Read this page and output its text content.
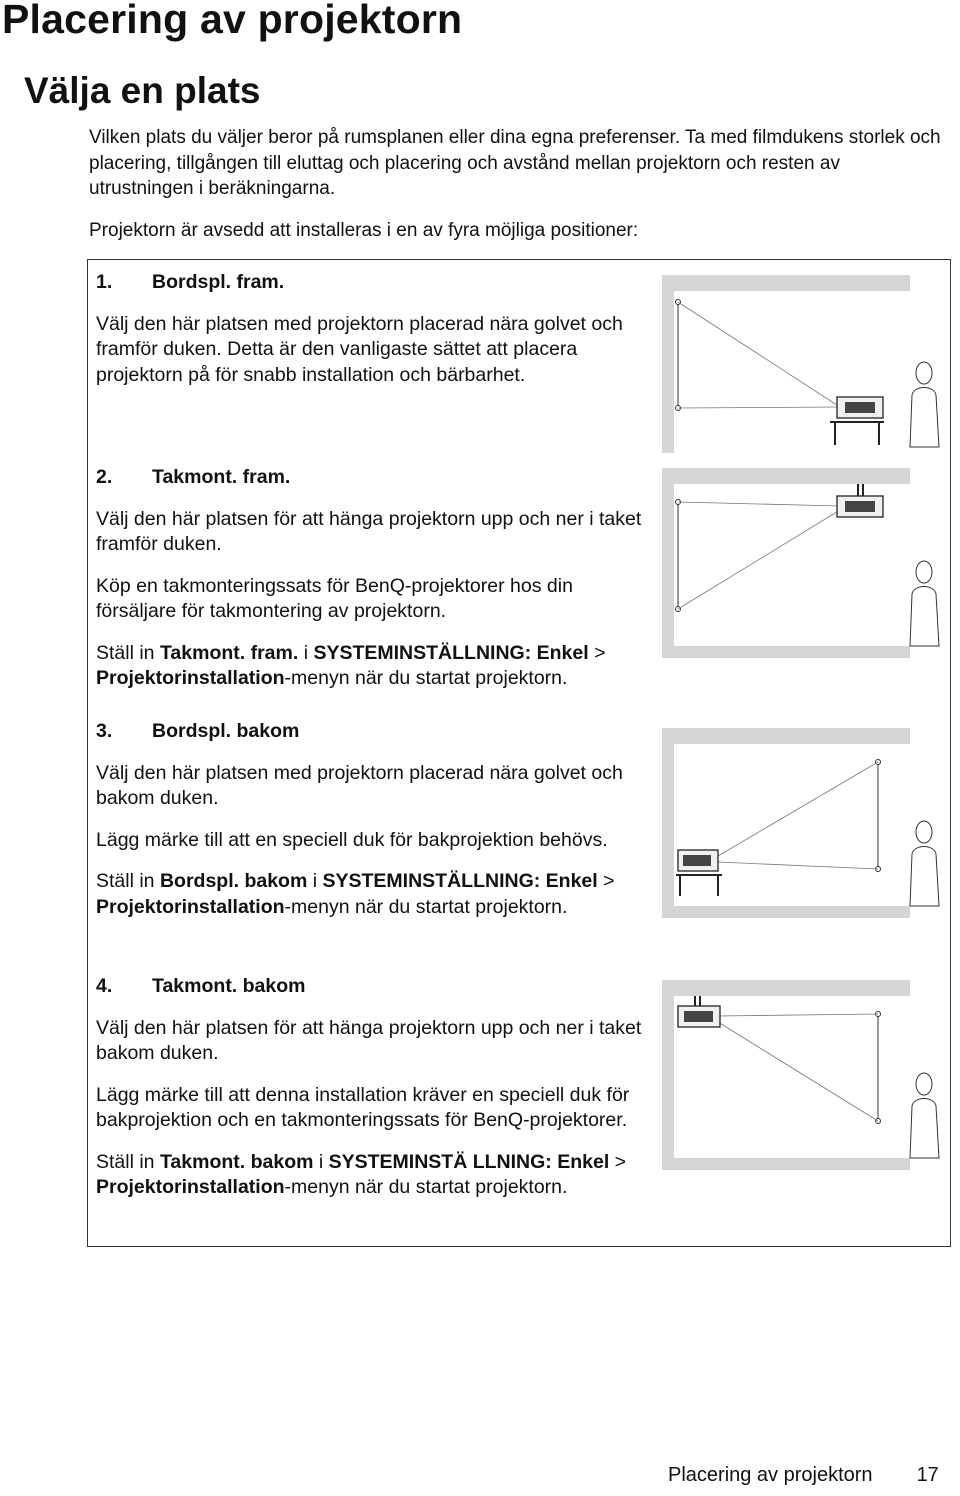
Placering av projektorn
Välja en plats

Vilken plats du väljer beror på rumsplanen eller dina egna preferenser. Ta med filmdukens storlek och placering, tillgången till eluttag och placering och avstånd mellan projektorn och resten av utrustningen i beräkningarna.

Projektorn är avsedd att installeras i en av fyra möjliga positioner:

1. Bordspl. fram.

Välj den här platsen med projektorn placerad nära golvet och framför duken. Detta är den vanligaste sättet att placera projektorn på för snabb installation och bärbarhet.

2. Takmont. fram.

Välj den här platsen för att hänga projektorn upp och ner i taket framför duken.

Köp en takmonteringssats för BenQ-projektorer hos din försäljare för takmontering av projektorn.

Ställ in Takmont. fram. i SYSTEMINSTÄLLNING: Enkel > Projektorinstallation-menyn när du startat projektorn.

3. Bordspl. bakom

Välj den här platsen med projektorn placerad nära golvet och bakom duken.

Lägg märke till att en speciell duk för bakprojektion behövs.

Ställ in Bordspl. bakom i SYSTEMINSTÄLLNING: Enkel > Projektorinstallation-menyn när du startat projektorn.

4. Takmont. bakom

Välj den här platsen för att hänga projektorn upp och ner i taket bakom duken.

Lägg märke till att denna installation kräver en speciell duk för bakprojektion och en takmonteringssats för BenQ-projektorer.

Ställ in Takmont. bakom i SYSTEMINSTÄ LLNING: Enkel > Projektorinstallation-menyn när du startat projektorn.

Placering av projektorn 17
